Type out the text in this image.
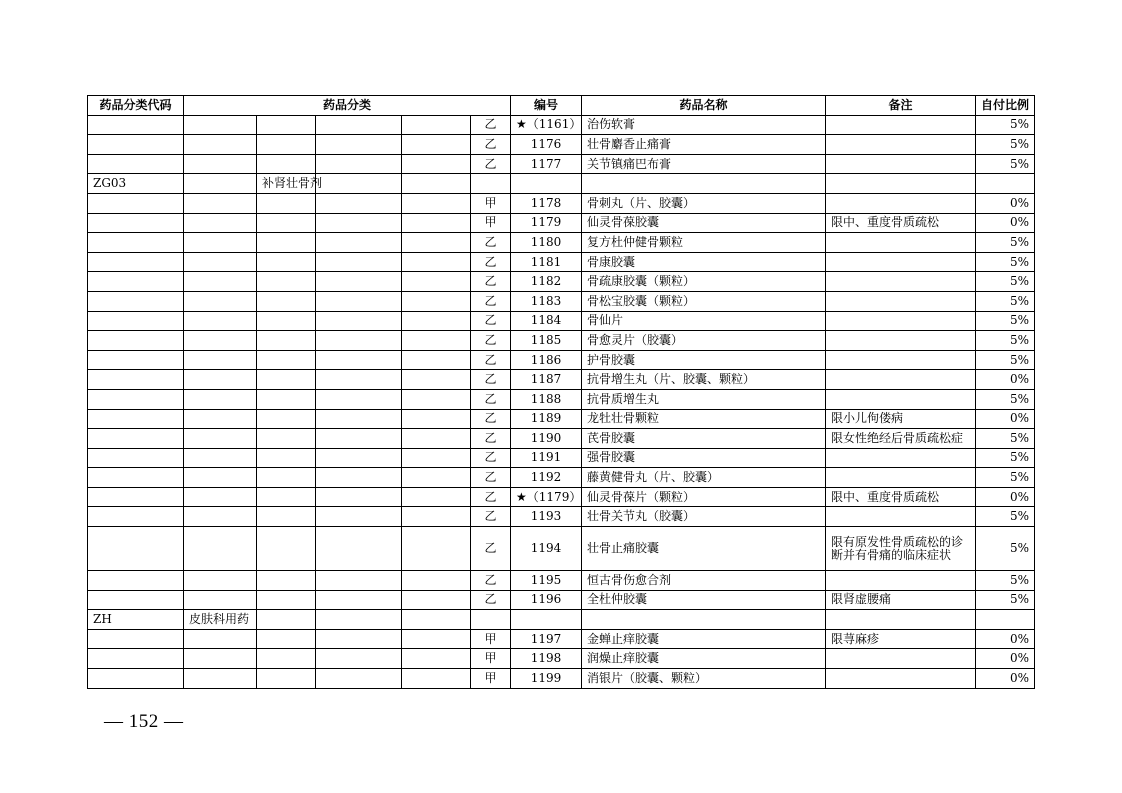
药品分类代码	药品分类					编号	药品名称	备注	自付比例
					乙	★（1161）	治伤软膏		5%
					乙	1176	壮骨麝香止痛膏		5%
					乙	1177	关节镇痛巴布膏		5%
ZG03		补肾壮骨剂							
					甲	1178	骨刺丸（片、胶囊）		0%
					甲	1179	仙灵骨葆胶囊	限中、重度骨质疏松	0%
					乙	1180	复方杜仲健骨颗粒		5%
					乙	1181	骨康胶囊		5%
					乙	1182	骨疏康胶囊（颗粒）		5%
					乙	1183	骨松宝胶囊（颗粒）		5%
					乙	1184	骨仙片		5%
					乙	1185	骨愈灵片（胶囊）		5%
					乙	1186	护骨胶囊		5%
					乙	1187	抗骨增生丸（片、胶囊、颗粒）		0%
					乙	1188	抗骨质增生丸		5%
					乙	1189	龙牡壮骨颗粒	限小儿佝偻病	0%
					乙	1190	芪骨胶囊	限女性绝经后骨质疏松症	5%
					乙	1191	强骨胶囊		5%
					乙	1192	藤黄健骨丸（片、胶囊）		5%
					乙	★（1179）	仙灵骨葆片（颗粒）	限中、重度骨质疏松	0%
					乙	1193	壮骨关节丸（胶囊）		5%
					乙	1194	壮骨止痛胶囊	限有原发性骨质疏松的诊断并有骨痛的临床症状	5%
					乙	1195	恒古骨伤愈合剂		5%
					乙	1196	全杜仲胶囊	限肾虚腰痛	5%
ZH	皮肤科用药								
					甲	1197	金蝉止痒胶囊	限荨麻疹	0%
					甲	1198	润燥止痒胶囊		0%
					甲	1199	消银片（胶囊、颗粒）		0%
— 152 —
